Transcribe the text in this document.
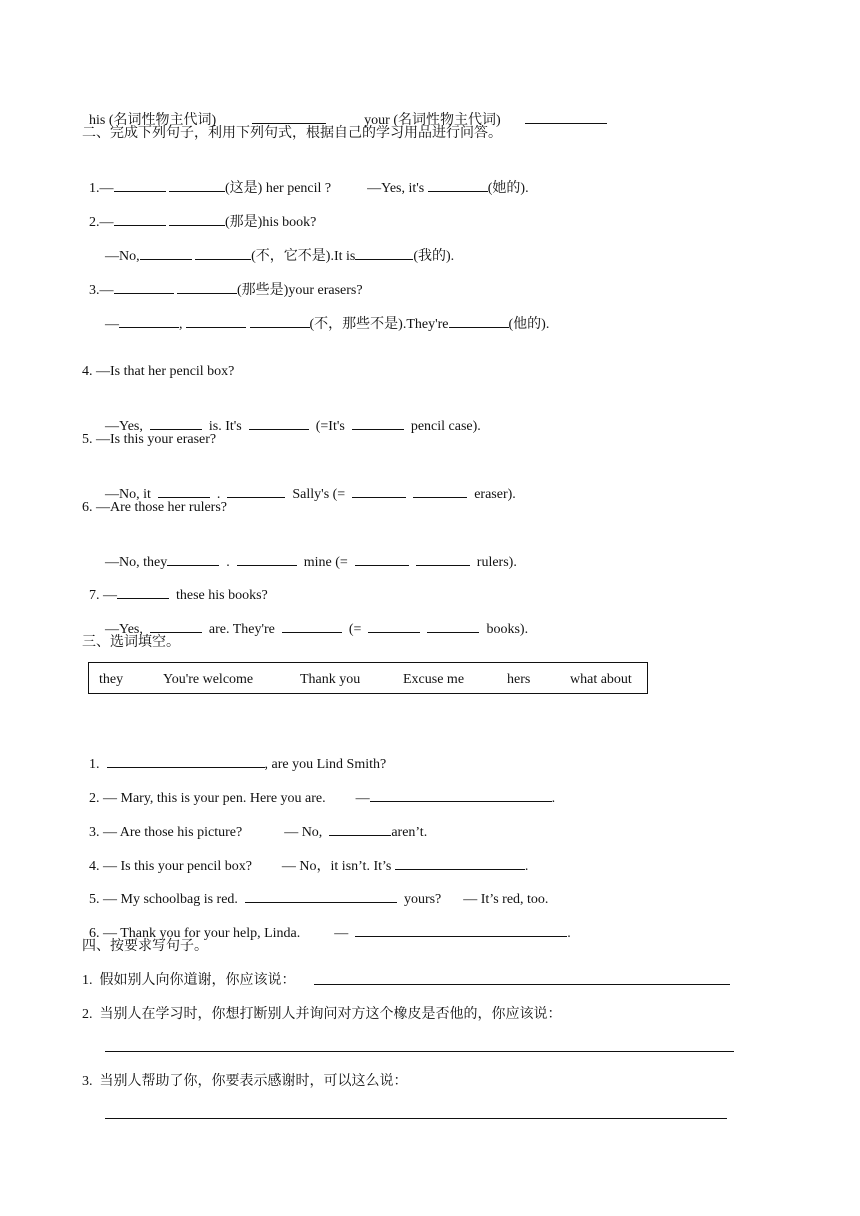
his (名词性物主代词)	your (名词性物主代词)

二、完成下列句子，利用下列句式，根据自己的学习用品进行问答。

1.—	(这是) her pencil ?	—Yes, it's	(她的).

2.—	(那是)his book?

—No,	(不，它不是).It is	(我的).

3.—	(那些是)your erasers?

—	,	(不，那些不是).They're	(他的).

4. —Is that her pencil box?

—Yes,	is. It's	(=It's	pencil case).

5. —Is this your eraser?

—No, it	.	Sally's (=	eraser).

6. —Are those her rulers?

—No, they	.	mine (=	rulers).

7. —	these his books?

—Yes,	are. They're	(=	books).

三、选词填空。
they	You're welcome	Thank you	Excuse me	hers	what about

1.	, are you Lind Smith?

2. — Mary, this is your pen. Here you are. —	.

3. — Are those his picture?	— No,	aren’t.

4. — Is this your pencil box? — No，it isn’t. It’s	.

5. — My schoolbag is red.	yours? — It’s red, too.

6. — Thank you for your help, Linda. —	.

四、按要求写句子。
1.  假如别人向你道谢，你应该说：
2.  当别人在学习时，你想打断别人并询问对方这个橡皮是否他的，你应该说：
3.  当别人帮助了你，你要表示感谢时，可以这么说：
